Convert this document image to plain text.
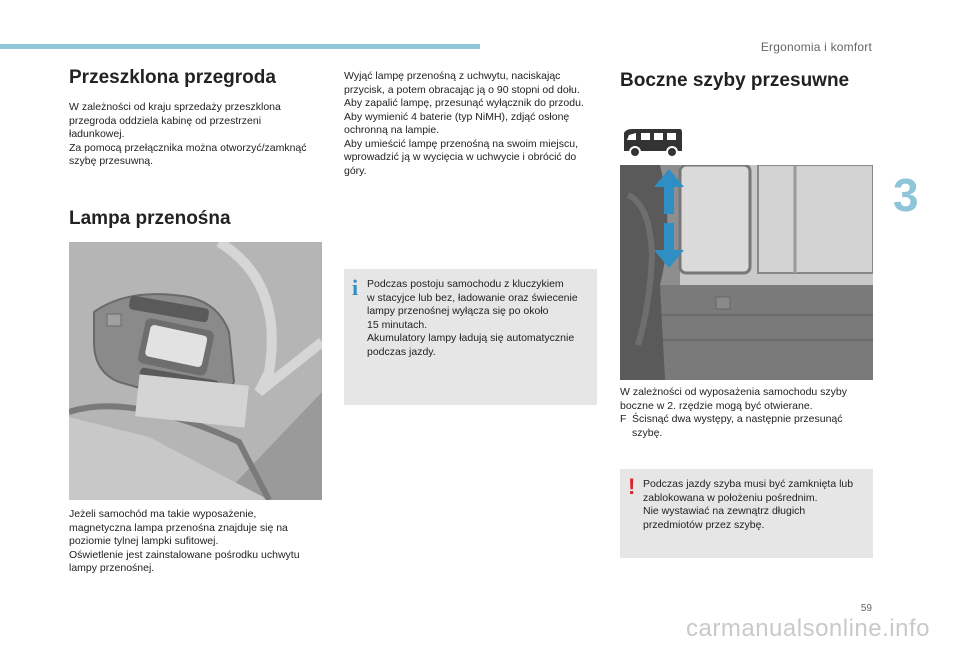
Ergonomia i komfort
3
Przeszklona przegroda

W zależności od kraju sprzedaży przeszklona

przegroda oddziela kabinę od przestrzeni

ładunkowej.

Za pomocą przełącznika można otworzyć/zamknąć

szybę przesuwną.

Lampa przenośna

Jeżeli samochód ma takie wyposażenie,

magnetyczna lampa przenośna znajduje się na

poziomie tylnej lampki sufitowej.

Oświetlenie jest zainstalowane pośrodku uchwytu

lampy przenośnej.

Wyjąć lampę przenośną z uchwytu, naciskając

przycisk, a potem obracając ją o 90 stopni od dołu.

Aby zapalić lampę, przesunąć wyłącznik do przodu.

Aby wymienić 4 baterie (typ NiMH), zdjąć osłonę

ochronną na lampie.

Aby umieścić lampę przenośną na swoim miejscu,

wprowadzić ją w wycięcia w uchwycie i obrócić do

góry.

i Podczas postoju samochodu z kluczykiem

w stacyjce lub bez, ładowanie oraz świecenie

lampy przenośnej wyłącza się po około

15 minutach.

Akumulatory lampy ładują się automatycznie

podczas jazdy.

Boczne szyby przesuwne

W zależności od wyposażenia samochodu szyby

boczne w 2. rzędzie mogą być otwierane.

F Ścisnąć dwa występy, a następnie przesunąć

szybę.

! Podczas jazdy szyba musi być zamknięta lub

zablokowana w położeniu pośrednim.

Nie wystawiać na zewnątrz długich

przedmiotów przez szybę.

59
carmanualsonline.info
